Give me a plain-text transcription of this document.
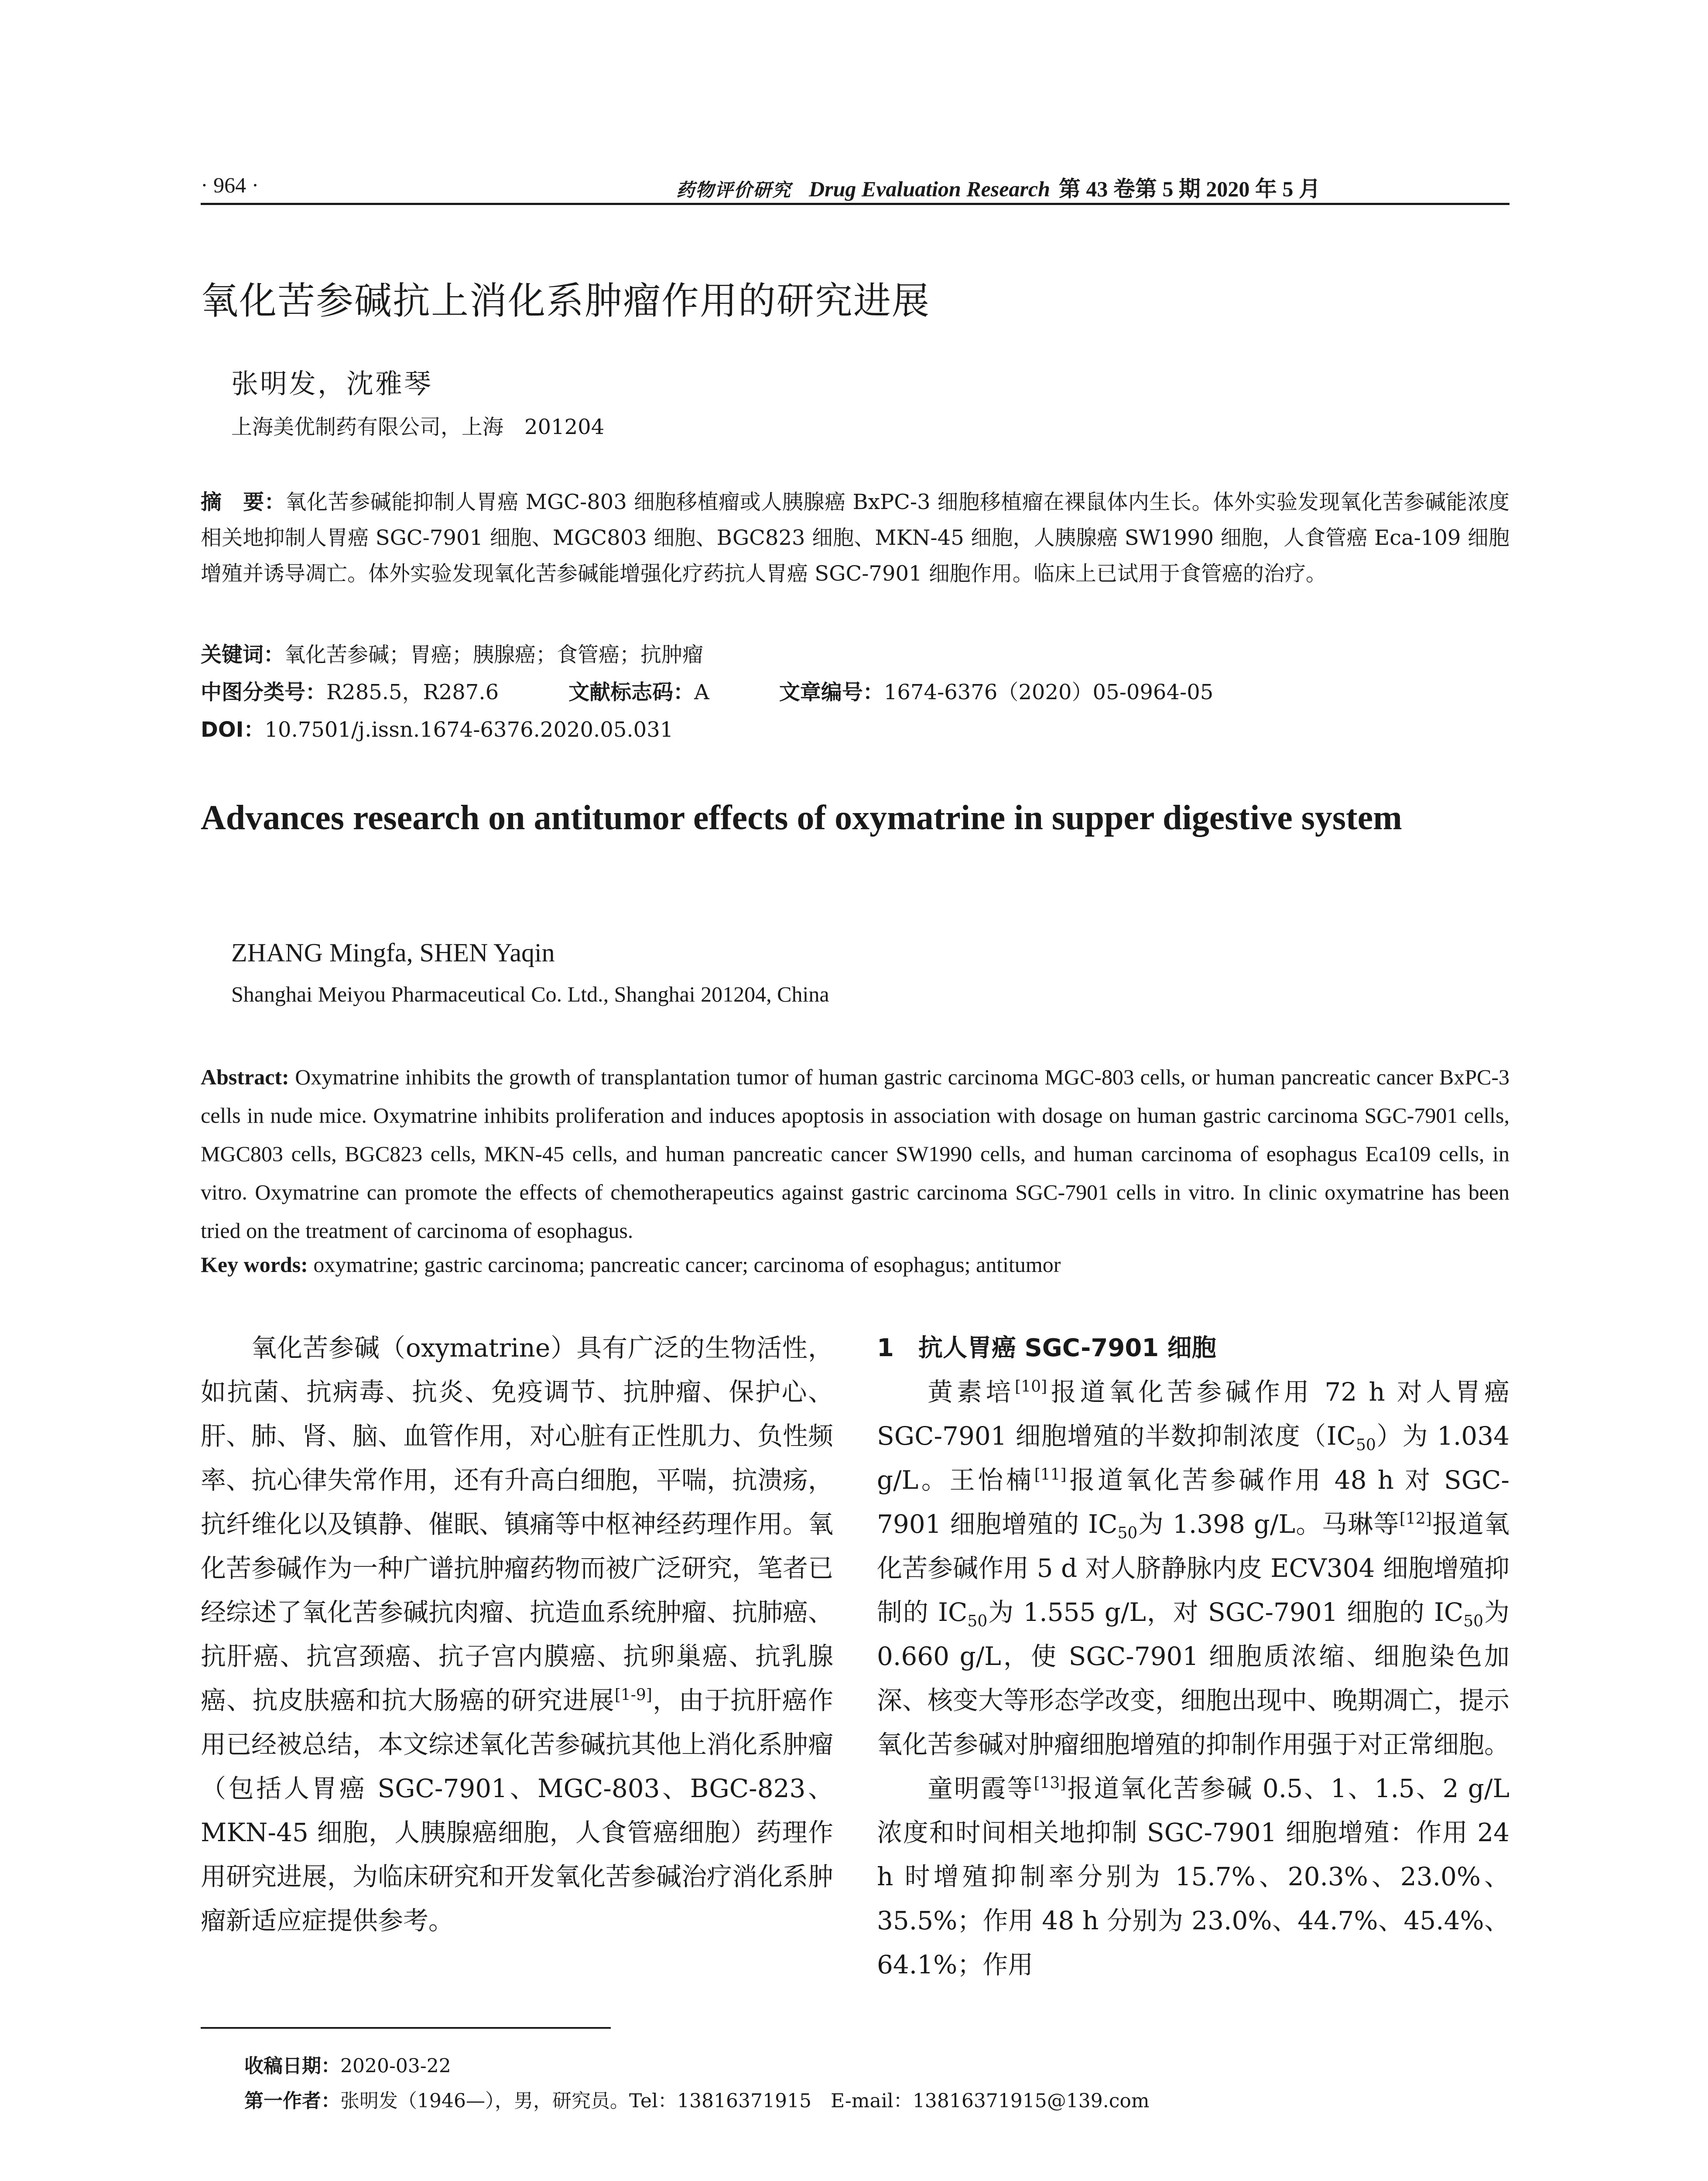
· 964 ·	药物评价研究 Drug Evaluation Research 第 43 卷第 5 期 2020 年 5 月
氧化苦参碱抗上消化系肿瘤作用的研究进展
张明发，沈雅琴
上海美优制药有限公司，上海　201204
摘　要：氧化苦参碱能抑制人胃癌 MGC-803 细胞移植瘤或人胰腺癌 BxPC-3 细胞移植瘤在裸鼠体内生长。体外实验发现氧化苦参碱能浓度相关地抑制人胃癌 SGC-7901 细胞、MGC803 细胞、BGC823 细胞、MKN-45 细胞，人胰腺癌 SW1990 细胞，人食管癌 Eca-109 细胞增殖并诱导凋亡。体外实验发现氧化苦参碱能增强化疗药抗人胃癌 SGC-7901 细胞作用。临床上已试用于食管癌的治疗。
关键词：氧化苦参碱；胃癌；胰腺癌；食管癌；抗肿瘤
中图分类号：R285.5，R287.6	文献标志码：A	文章编号：1674-6376（2020）05-0964-05
DOI：10.7501/j.issn.1674-6376.2020.05.031
Advances research on antitumor effects of oxymatrine in supper digestive system
ZHANG Mingfa, SHEN Yaqin
Shanghai Meiyou Pharmaceutical Co. Ltd., Shanghai 201204, China
Abstract: Oxymatrine inhibits the growth of transplantation tumor of human gastric carcinoma MGC-803 cells, or human pancreatic cancer BxPC-3 cells in nude mice. Oxymatrine inhibits proliferation and induces apoptosis in association with dosage on human gastric carcinoma SGC-7901 cells, MGC803 cells, BGC823 cells, MKN-45 cells, and human pancreatic cancer SW1990 cells, and human carcinoma of esophagus Eca109 cells, in vitro. Oxymatrine can promote the effects of chemotherapeutics against gastric carcinoma SGC-7901 cells in vitro. In clinic oxymatrine has been tried on the treatment of carcinoma of esophagus.
Key words: oxymatrine; gastric carcinoma; pancreatic cancer; carcinoma of esophagus; antitumor

氧化苦参碱（oxymatrine）具有广泛的生物活性，如抗菌、抗病毒、抗炎、免疫调节、抗肿瘤、保护心、肝、肺、肾、脑、血管作用，对心脏有正性肌力、负性频率、抗心律失常作用，还有升高白细胞，平喘，抗溃疡，抗纤维化以及镇静、催眠、镇痛等中枢神经药理作用。氧化苦参碱作为一种广谱抗肿瘤药物而被广泛研究，笔者已经综述了氧化苦参碱抗肉瘤、抗造血系统肿瘤、抗肺癌、抗肝癌、抗宫颈癌、抗子宫内膜癌、抗卵巢癌、抗乳腺癌、抗皮肤癌和抗大肠癌的研究进展[1-9]，由于抗肝癌作用已经被总结，本文综述氧化苦参碱抗其他上消化系肿瘤（包括人胃癌 SGC-7901、MGC-803、BGC-823、MKN-45 细胞，人胰腺癌细胞，人食管癌细胞）药理作用研究进展，为临床研究和开发氧化苦参碱治疗消化系肿瘤新适应症提供参考。

1　抗人胃癌 SGC-7901 细胞

黄素培[10]报道氧化苦参碱作用 72 h 对人胃癌 SGC-7901 细胞增殖的半数抑制浓度$(IC_{50})$为 1.034 g/L。王怡楠[11]报道氧化苦参碱作用 48 h 对 SGC-7901 细胞增殖的 $IC_{50}$为 1.398 g/L。马琳等[12]报道氧化苦参碱作用 5 d 对人脐静脉内皮 ECV304 细胞增殖抑制的 $IC_{50}$为 1.555 g/L，对 SGC-7901 细胞的 $IC_{50}$为 0.660 g/L，使 SGC-7901 细胞质浓缩、细胞染色加深、核变大等形态学改变，细胞出现中、晚期凋亡，提示氧化苦参碱对肿瘤细胞增殖的抑制作用强于对正常细胞。

童明霞等[13]报道氧化苦参碱 0.5、1、1.5、2 g/L 浓度和时间相关地抑制 SGC-7901 细胞增殖：作用 24 h 时增殖抑制率分别为 15.7%、20.3%、23.0%、35.5%；作用 48 h 分别为 23.0%、44.7%、45.4%、64.1%；作用

收稿日期：2020-03-22
第一作者：张明发（1946—），男，研究员。Tel：13816371915　E-mail：13816371915@139.com
